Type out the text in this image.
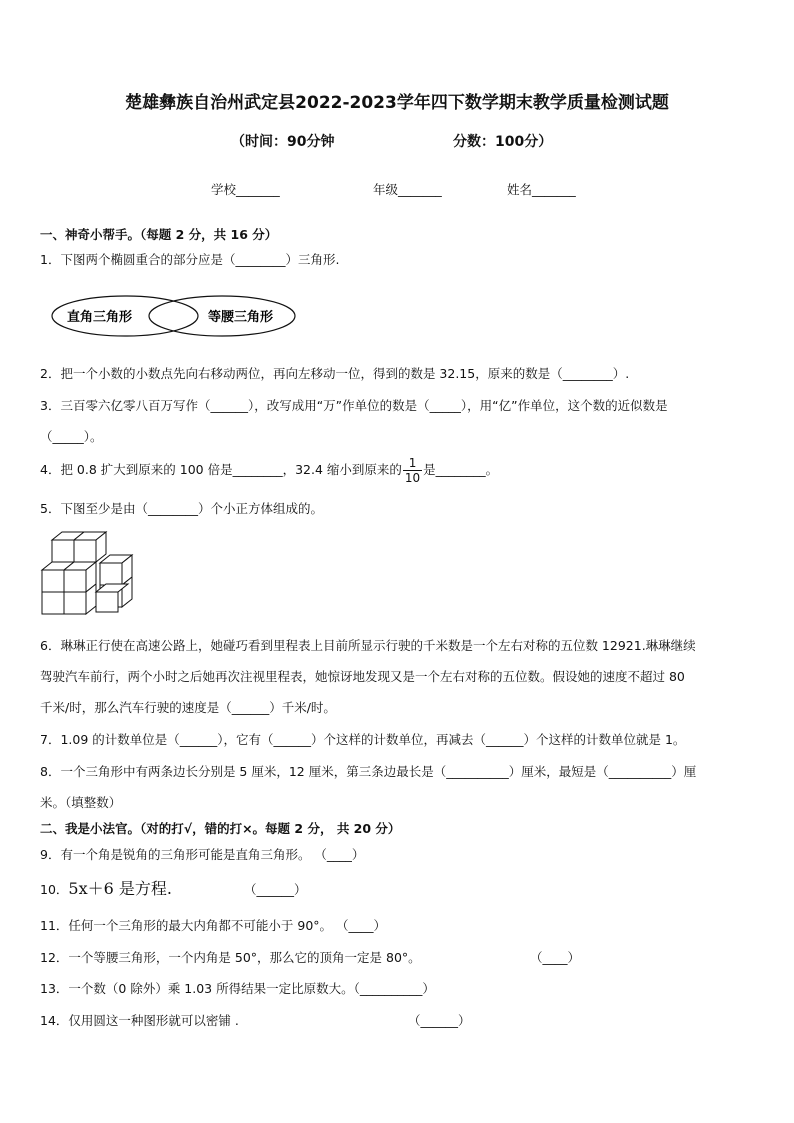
楚雄彝族自治州武定县2022-2023学年四下数学期末教学质量检测试题
（时间：90分钟	分数：100分）
学校_______	年级_______	姓名_______
一、神奇小帮手。（每题 2 分，共 16 分）
1．下图两个椭圆重合的部分应是（________）三角形.
直角三角形	等腰三角形
2．把一个小数的小数点先向右移动两位，再向左移动一位，得到的数是 32.15，原来的数是（________）.
3．三百零六亿零八百万写作（______），改写成用“万”作单位的数是（_____），用“亿”作单位，这个数的近似数是
（_____）。
4．把 0.8 扩大到原来的 100 倍是________，32.4 缩小到原来的 $\frac{1}{10}$ 是________。
5．下图至少是由（________）个小正方体组成的。
6．琳琳正行使在高速公路上，她碰巧看到里程表上目前所显示行驶的千米数是一个左右对称的五位数 12921.琳琳继续
驾驶汽车前行，两个小时之后她再次注视里程表，她惊讶地发现又是一个左右对称的五位数。假设她的速度不超过 80
千米/时，那么汽车行驶的速度是（______）千米/时。
7．1.09 的计数单位是（______），它有（______）个这样的计数单位，再减去（______）个这样的计数单位就是 1。
8．一个三角形中有两条边长分别是 5 厘米，12 厘米，第三条边最长是（__________）厘米，最短是（__________）厘
米。（填整数）
二、我是小法官。（对的打√，错的打×。每题 2 分， 共 20 分）
9．有一个角是锐角的三角形可能是直角三角形。 （____）
10．5x＋6 是方程.	（______）
11．任何一个三角形的最大内角都不可能小于 90°。 （____）
12．一个等腰三角形，一个内角是 50°，那么它的顶角一定是 80°。	（____）
13．一个数（0 除外）乘 1.03 所得结果一定比原数大。（__________）
14．仅用圆这一种图形就可以密铺 .	（______）
